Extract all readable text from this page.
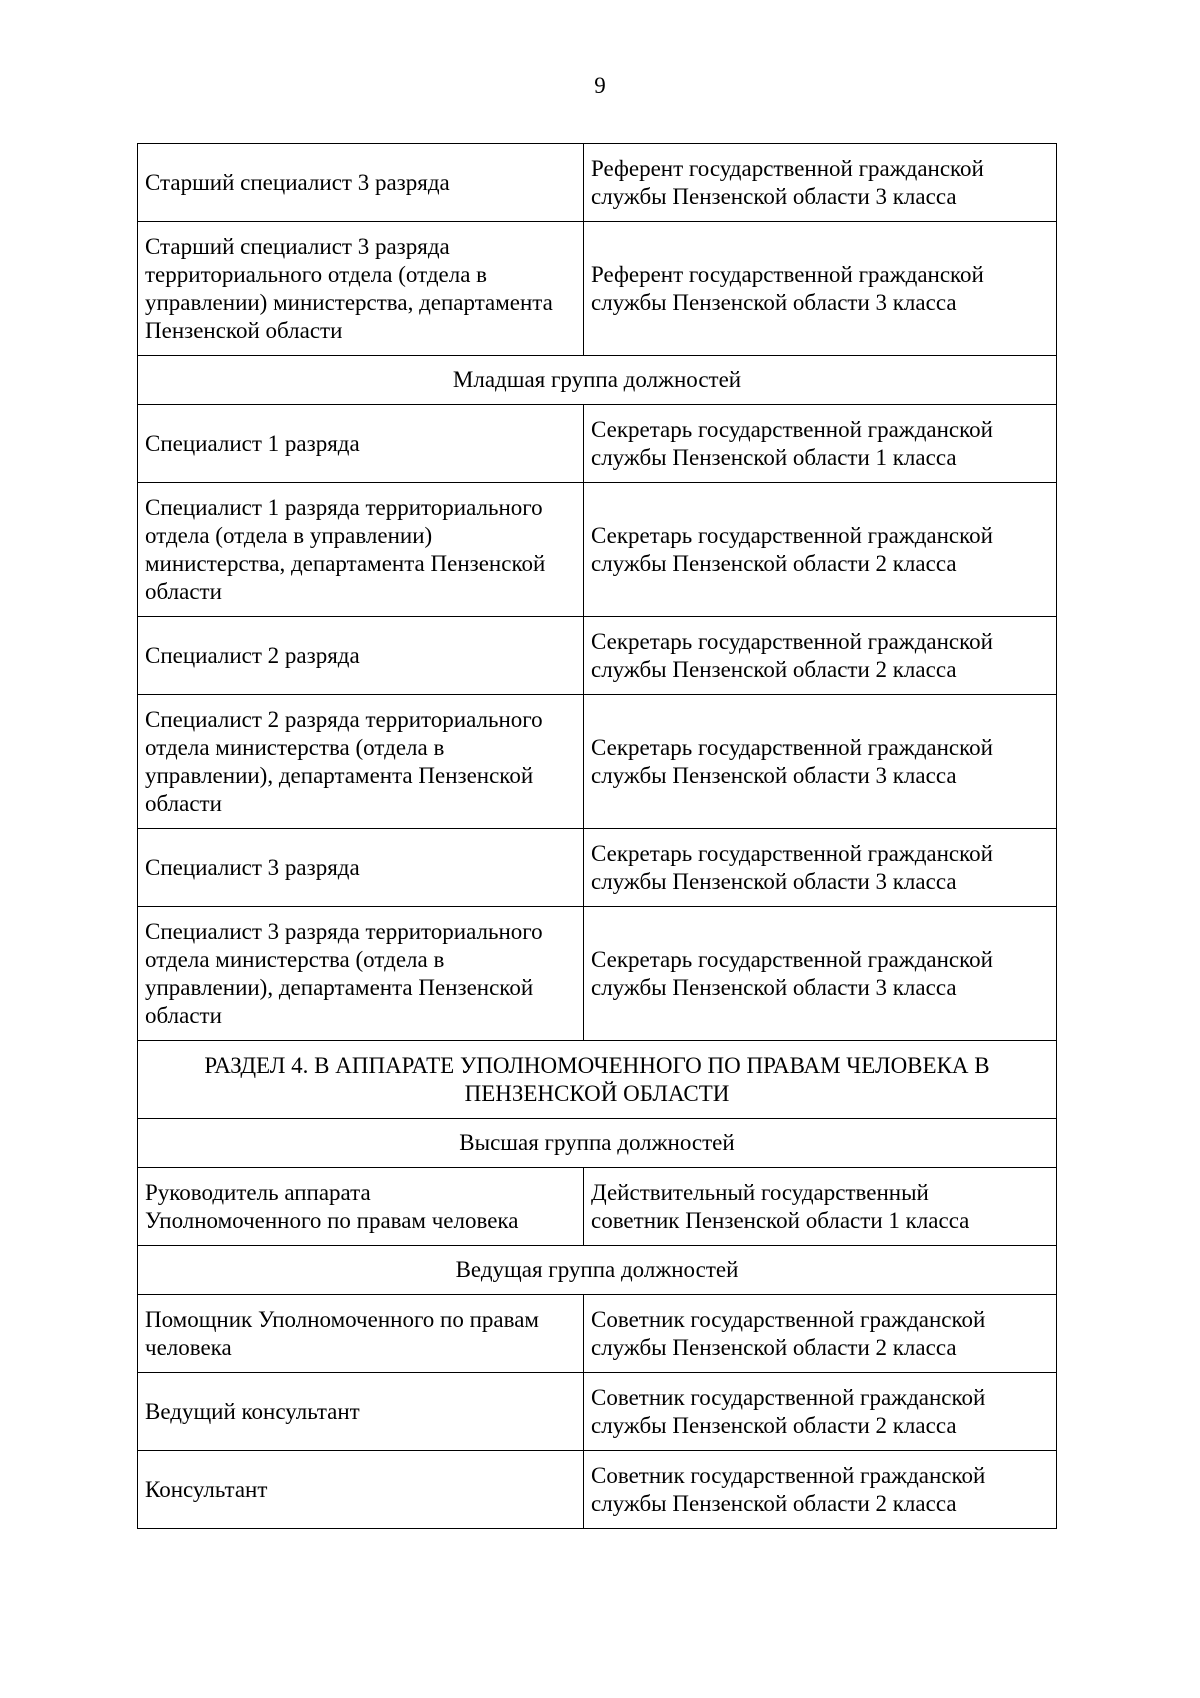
9
Старший специалист 3 разряда	Референт государственной гражданской
службы Пензенской области 3 класса
Старший специалист 3 разряда
территориального отдела (отдела в
управлении) министерства, департамента
Пензенской области	Референт государственной гражданской
службы Пензенской области 3 класса
Младшая группа должностей	
Специалист 1 разряда	Секретарь государственной гражданской
службы Пензенской области 1 класса
Специалист 1 разряда территориального
отдела (отдела в управлении)
министерства, департамента Пензенской
области	Секретарь государственной гражданской
службы Пензенской области 2 класса
Специалист 2 разряда	Секретарь государственной гражданской
службы Пензенской области 2 класса
Специалист 2 разряда территориального
отдела министерства (отдела в
управлении), департамента Пензенской
области	Секретарь государственной гражданской
службы Пензенской области 3 класса
Специалист 3 разряда	Секретарь государственной гражданской
службы Пензенской области 3 класса
Специалист 3 разряда территориального
отдела министерства (отдела в
управлении), департамента Пензенской
области	Секретарь государственной гражданской
службы Пензенской области 3 класса
РАЗДЕЛ 4. В АППАРАТЕ УПОЛНОМОЧЕННОГО ПО ПРАВАМ ЧЕЛОВЕКА В
ПЕНЗЕНСКОЙ ОБЛАСТИ	
Высшая группа должностей	
Руководитель аппарата
Уполномоченного по правам человека	Действительный государственный
советник Пензенской области 1 класса
Ведущая группа должностей	
Помощник Уполномоченного по правам
человека	Советник государственной гражданской
службы Пензенской области 2 класса
Ведущий консультант	Советник государственной гражданской
службы Пензенской области 2 класса
Консультант	Советник государственной гражданской
службы Пензенской области 2 класса
